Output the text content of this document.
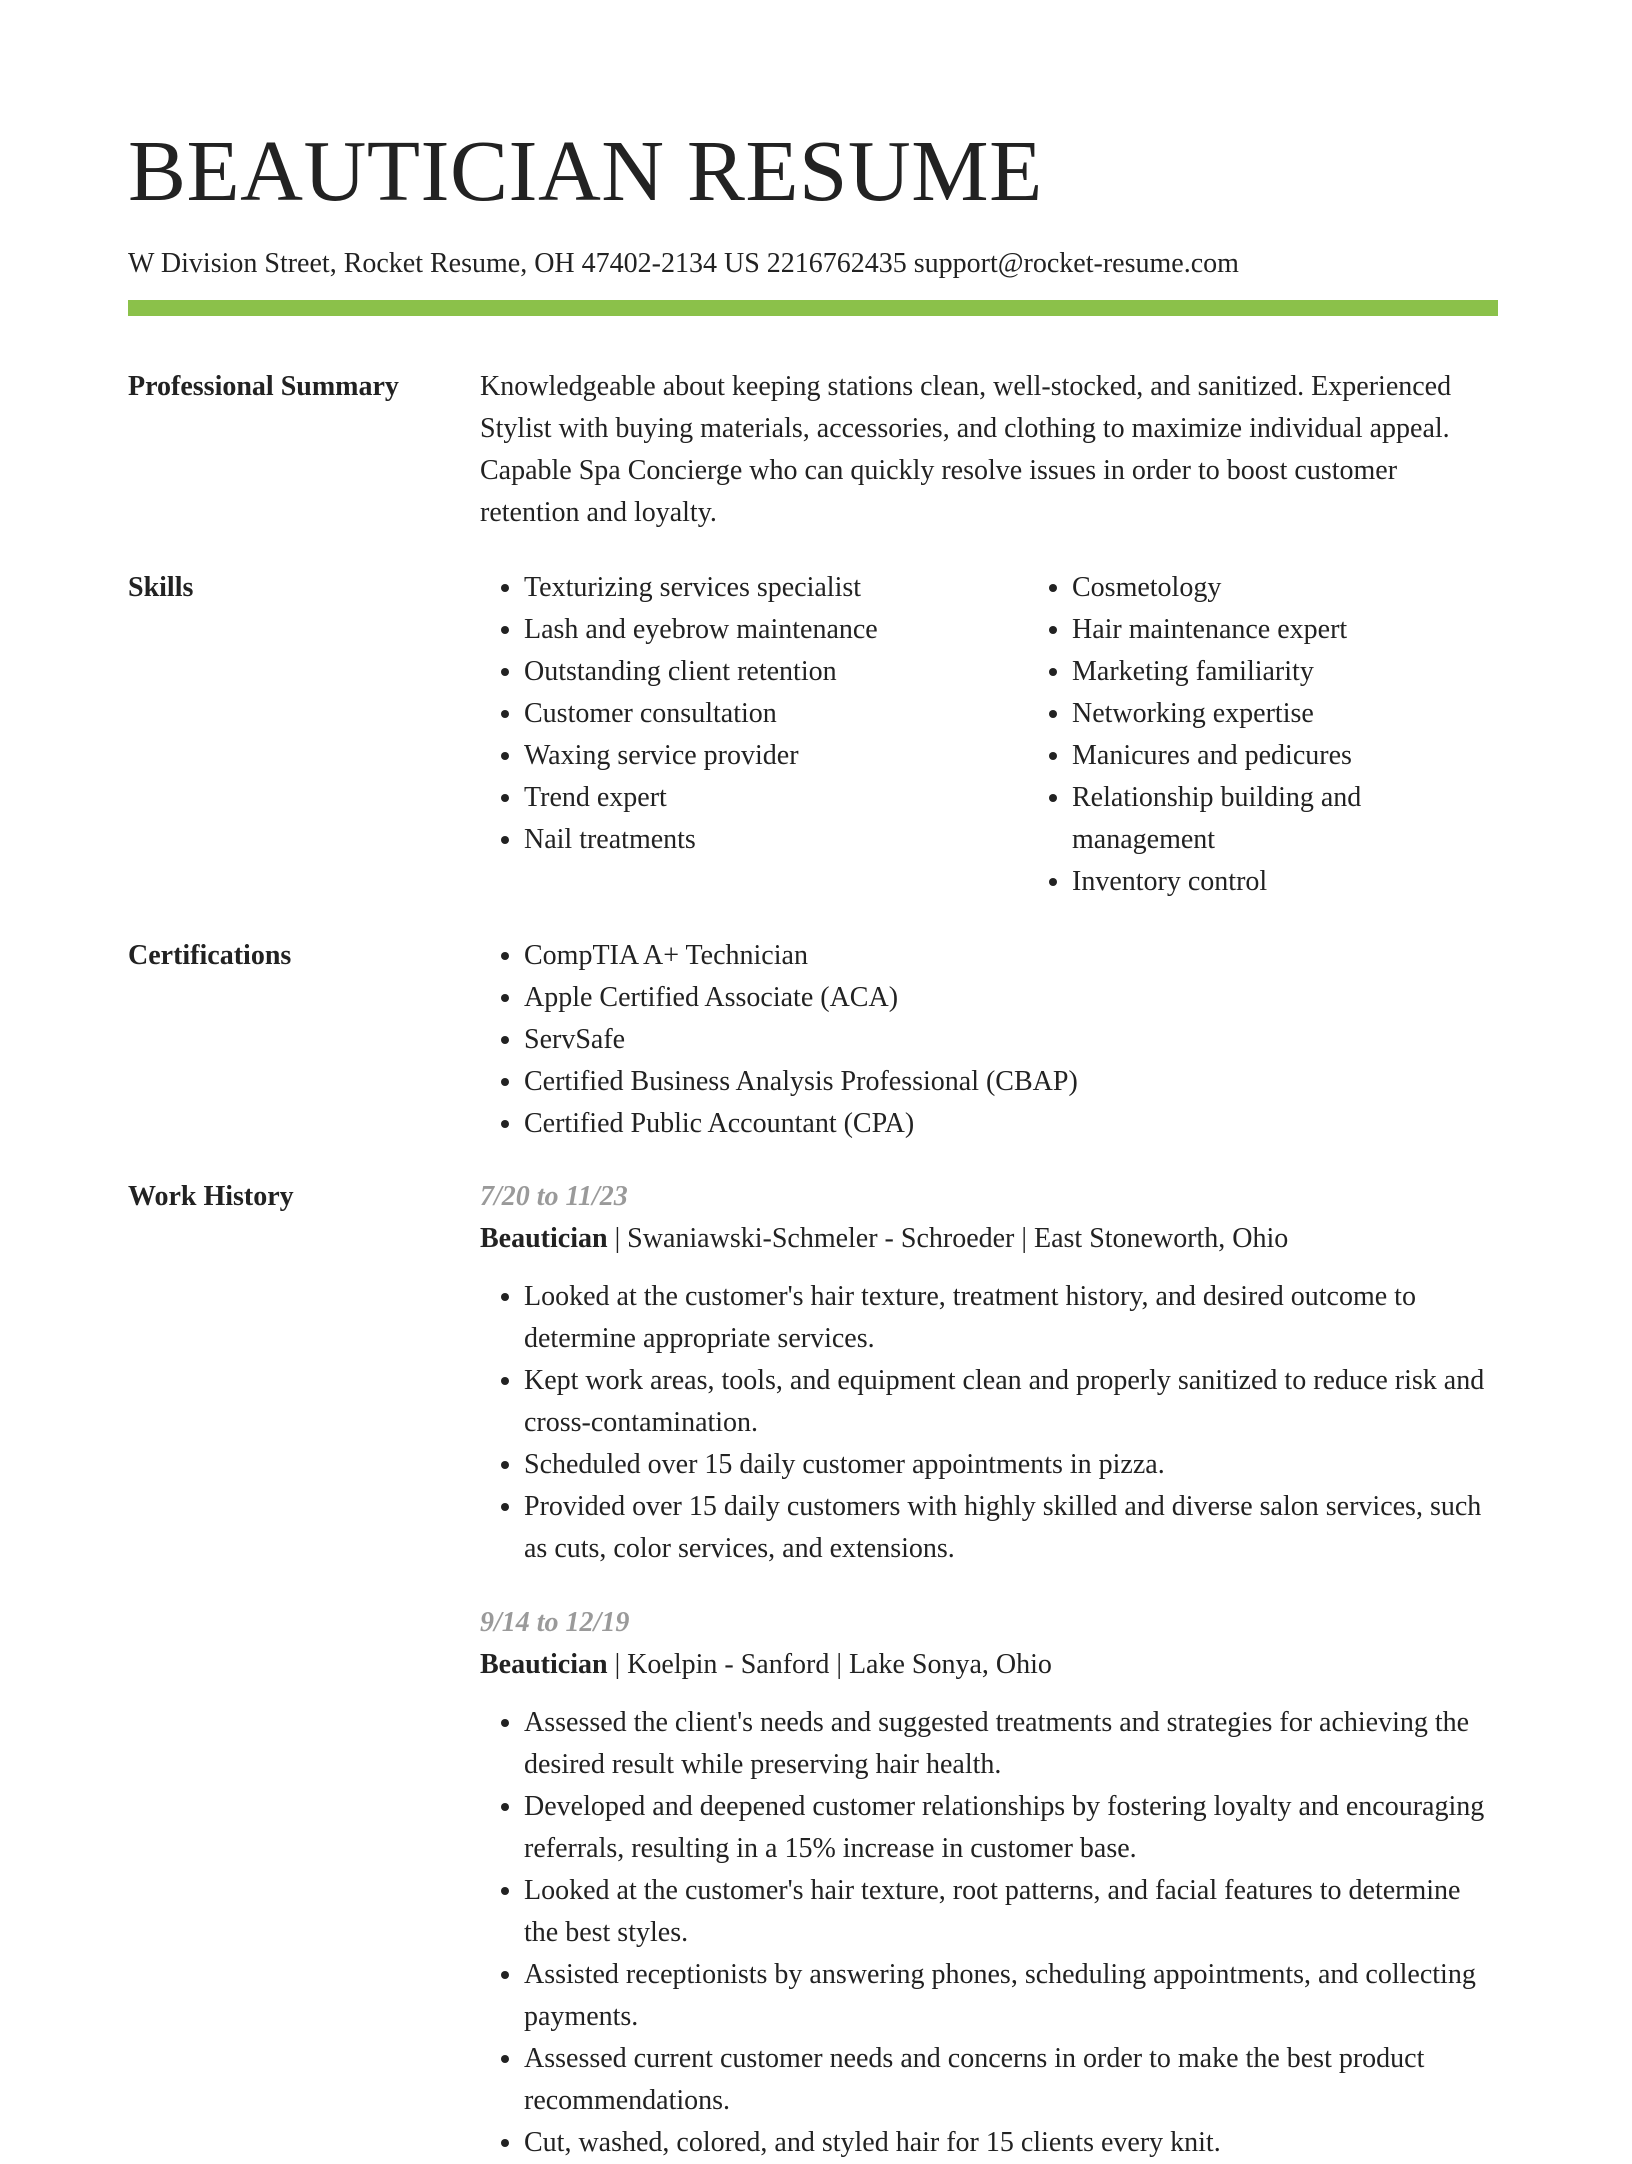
BEAUTICIAN RESUME
W Division Street, Rocket Resume, OH 47402-2134 US 2216762435 support@rocket-resume.com
Professional Summary	Knowledgeable about keeping stations clean, well-stocked, and sanitized. Experienced Stylist with buying materials, accessories, and clothing to maximize individual appeal. Capable Spa Concierge who can quickly resolve issues in order to boost customer retention and loyalty.

Skills	• Texturizing services specialist
• Lash and eyebrow maintenance
• Outstanding client retention
• Customer consultation
• Waxing service provider
• Trend expert
• Nail treatments
• Cosmetology
• Hair maintenance expert
• Marketing familiarity
• Networking expertise
• Manicures and pedicures
• Relationship building and management
• Inventory control
Certifications	• CompTIA A+ Technician
• Apple Certified Associate (ACA)
• ServSafe
• Certified Business Analysis Professional (CBAP)
• Certified Public Accountant (CPA)
Work History	7/20 to 11/23
Beautician | Swaniawski-Schmeler - Schroeder | East Stoneworth, Ohio
• Looked at the customer's hair texture, treatment history, and desired outcome to determine appropriate services.
• Kept work areas, tools, and equipment clean and properly sanitized to reduce risk and cross-contamination.
• Scheduled over 15 daily customer appointments in pizza.
• Provided over 15 daily customers with highly skilled and diverse salon services, such as cuts, color services, and extensions.
9/14 to 12/19
Beautician | Koelpin - Sanford | Lake Sonya, Ohio
• Assessed the client's needs and suggested treatments and strategies for achieving the desired result while preserving hair health.
• Developed and deepened customer relationships by fostering loyalty and encouraging referrals, resulting in a 15% increase in customer base.
• Looked at the customer's hair texture, root patterns, and facial features to determine the best styles.
• Assisted receptionists by answering phones, scheduling appointments, and collecting payments.
• Assessed current customer needs and concerns in order to make the best product recommendations.
• Cut, washed, colored, and styled hair for 15 clients every knit.
